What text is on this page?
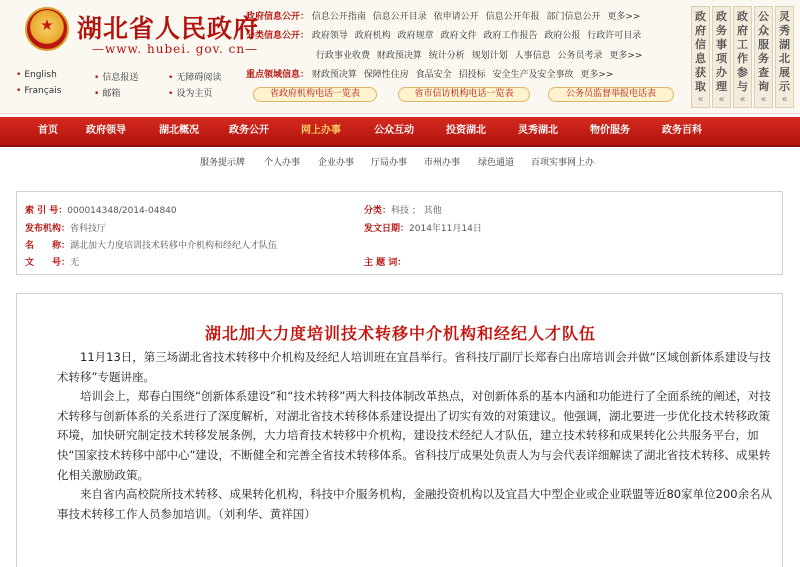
★ 湖北省人民政府
—www. hubei. gov. cn—
• English	• 信息报送	• 无障碍阅读
• Français	• 邮箱	• 设为主页
政府信息公开： 信息公开指南 信息公开目录 依申请公开 信息公开年报 部门信息公开 更多>>
分类信息公开： 政府领导 政府机构 政府规章 政府文件 政府工作报告 政府公报 行政许可目录
行政事业收费 财政预决算 统计分析 规划计划 人事信息 公务员考录 更多>>
重点领域信息： 财政预决算 保障性住房 食品安全 招投标 安全生产及安全事故 更多>>
省政府机构电话一览表	省市信访机构电话一览表	公务员监督举报电话表
政府信息获取
«
政务事项办理
«
政府工作参与
«
公众服务查询
«
灵秀湖北展示
«
首页	政府领导	湖北概况	政务公开	网上办事	公众互动	投资湖北	灵秀湖北	物价服务	政务百科
服务提示牌 个人办事 企业办事 厅局办事 市州办事 绿色通道 百项实事网上办
索 引 号：000014348/2014-04840	分类：科技 ； 其他
发布机构：省科技厅	发文日期：2014年11月14日
名　　称：湖北加大力度培训技术转移中介机构和经纪人才队伍
文　　号：无	主 题 词：
湖北加大力度培训技术转移中介机构和经纪人才队伍

11月13日，第三场湖北省技术转移中介机构及经纪人培训班在宜昌举行。省科技厅副厅长郑春白出席培训会并做“区域创新体系建设与技术转移”专题讲座。

培训会上，郑春白围绕“创新体系建设”和“技术转移”两大科技体制改革热点，对创新体系的基本内涵和功能进行了全面系统的阐述，对技术转移与创新体系的关系进行了深度解析，对湖北省技术转移体系建设提出了切实有效的对策建议。他强调，湖北要进一步优化技术转移政策环境，加快研究制定技术转移发展条例，大力培育技术转移中介机构，建设技术经纪人才队伍，建立技术转移和成果转化公共服务平台，加快“国家技术转移中部中心”建设，不断健全和完善全省技术转移体系。省科技厅成果处负责人为与会代表详细解读了湖北省技术转移、成果转化相关激励政策。

来自省内高校院所技术转移、成果转化机构，科技中介服务机构，金融投资机构以及宜昌大中型企业或企业联盟等近80家单位200余名从事技术转移工作人员参加培训。（刘利华、黄祥国）
